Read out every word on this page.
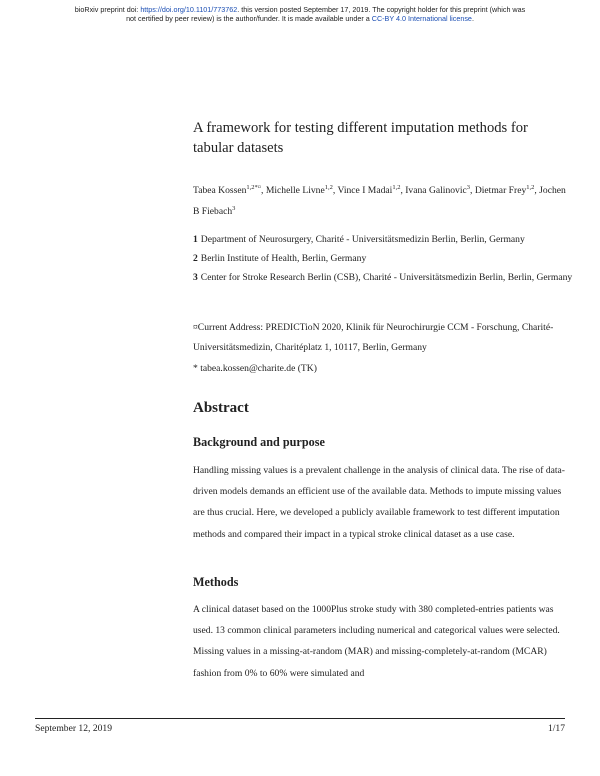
bioRxiv preprint doi: https://doi.org/10.1101/773762. this version posted September 17, 2019. The copyright holder for this preprint (which was
not certified by peer review) is the author/funder. It is made available under a CC-BY 4.0 International license.
A framework for testing different imputation methods for tabular datasets
Tabea Kossen$^{1,2*¤}$, Michelle Livne$^{1,2}$, Vince I Madai$^{1,2}$, Ivana Galinovic$^3$, Dietmar Frey$^{1,2}$, Jochen B Fiebach$^3$
1 Department of Neurosurgery, Charité - Universitätsmedizin Berlin, Berlin, Germany
2 Berlin Institute of Health, Berlin, Germany
3 Center for Stroke Research Berlin (CSB), Charité - Universitätsmedizin Berlin, Berlin, Germany
¤Current Address: PREDICTioN 2020, Klinik für Neurochirurgie CCM - Forschung, Charité-Universitätsmedizin, Charitéplatz 1, 10117, Berlin, Germany
* tabea.kossen@charite.de (TK)
Abstract
Background and purpose
Handling missing values is a prevalent challenge in the analysis of clinical data. The rise of data-driven models demands an efficient use of the available data. Methods to impute missing values are thus crucial. Here, we developed a publicly available framework to test different imputation methods and compared their impact in a typical stroke clinical dataset as a use case.
Methods
A clinical dataset based on the 1000Plus stroke study with 380 completed-entries patients was used. 13 common clinical parameters including numerical and categorical values were selected. Missing values in a missing-at-random (MAR) and missing-completely-at-random (MCAR) fashion from 0% to 60% were simulated and
September 12, 2019	1/17
